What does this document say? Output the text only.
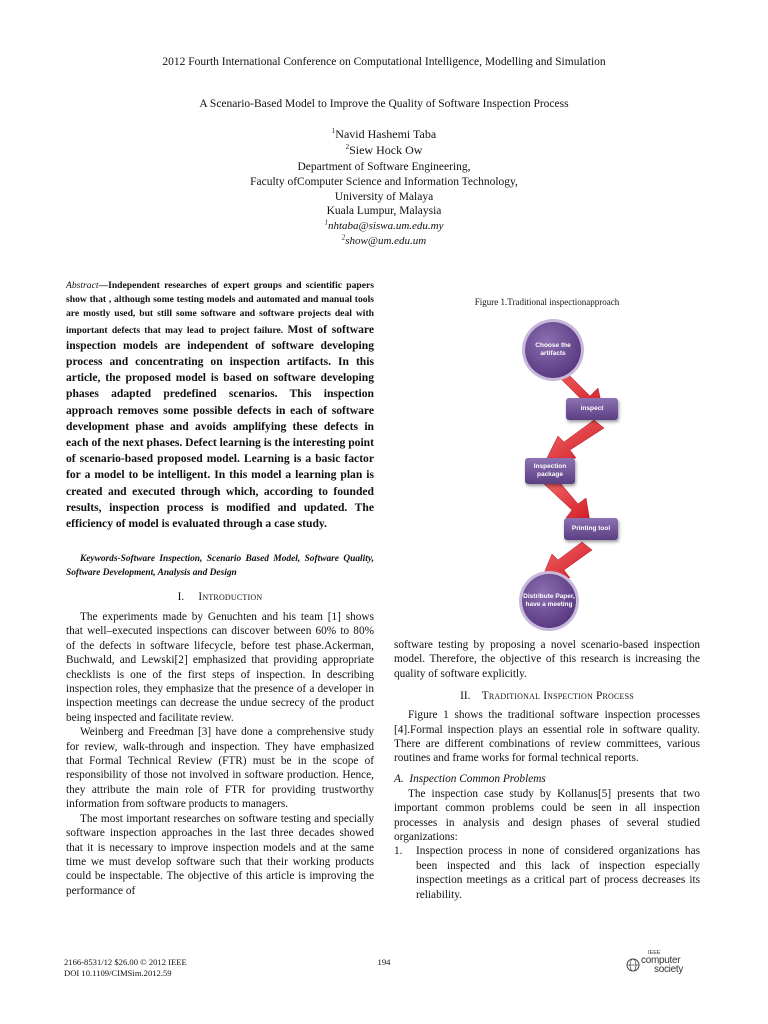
2012 Fourth International Conference on Computational Intelligence, Modelling and Simulation
A Scenario-Based Model to Improve the Quality of Software Inspection Process
$^1$Navid Hashemi Taba
$^2$Siew Hock Ow
Department of Software Engineering,
Faculty ofComputer Science and Information Technology,
University of Malaya
Kuala Lumpur, Malaysia
$^1$nhtaba@siswa.um.edu.my
$^2$show@um.edu.um
Abstract—Independent researches of expert groups and scientific papers show that , although some testing models and automated and manual tools are mostly used, but still some software and software projects deal with important defects that may lead to project failure. Most of software inspection models are independent of software developing process and concentrating on inspection artifacts. In this article, the proposed model is based on software developing phases adapted predefined scenarios. This inspection approach removes some possible defects in each of software development phase and avoids amplifying these defects in each of the next phases. Defect learning is the interesting point of scenario-based proposed model. Learning is a basic factor for a model to be intelligent. In this model a learning plan is created and executed through which, according to founded results, inspection process is modified and updated. The efficiency of model is evaluated through a case study.
Keywords-Software Inspection, Scenario Based Model, Software Quality, Software Development, Analysis and Design
I. Introduction

The experiments made by Genuchten and his team [1] shows that well–executed inspections can discover between 60% to 80% of the defects in software lifecycle, before test phase.Ackerman, Buchwald, and Lewski[2] emphasized that providing appropriate checklists is one of the first steps of inspection. In describing inspection roles, they emphasize that the presence of a developer in inspection meetings can decrease the undue secrecy of the product being inspected and facilitate review.

Weinberg and Freedman [3] have done a comprehensive study for review, walk-through and inspection. They have emphasized that Formal Technical Review (FTR) must be in the scope of responsibility of those not involved in software production. Hence, they attribute the main role of FTR for providing trustworthy information from software products to managers.

The most important researches on software testing and specially software inspection approaches in the last three decades showed that it is necessary to improve inspection models and at the same time we must develop software such that their working products could be inspectable. The objective of this article is improving the performance of

Figure 1.Traditional inspectionapproach
Choose the artifacts
inspect
Inspection package
Printing tool
Distribute Paper, have a meeting

software testing by proposing a novel scenario-based inspection model. Therefore, the objective of this research is increasing the quality of software explicitly.

II. Traditional Inspection Process

Figure 1 shows the traditional software inspection processes [4].Formal inspection plays an essential role in software quality. There are different combinations of review committees, various routines and frame works for formal technical reports.

A. Inspection Common Problems

The inspection case study by Kollanus[5] presents that two important common problems could be seen in all inspection processes in analysis and design phases of several studied organizations:

1.	Inspection process in none of considered organizations has been inspected and this lack of inspection especially inspection meetings as a critical part of process decreases its reliability.
2166-8531/12 $26.00 © 2012 IEEE
DOI 10.1109/CIMSim.2012.59
194
IEEE
computer
society
